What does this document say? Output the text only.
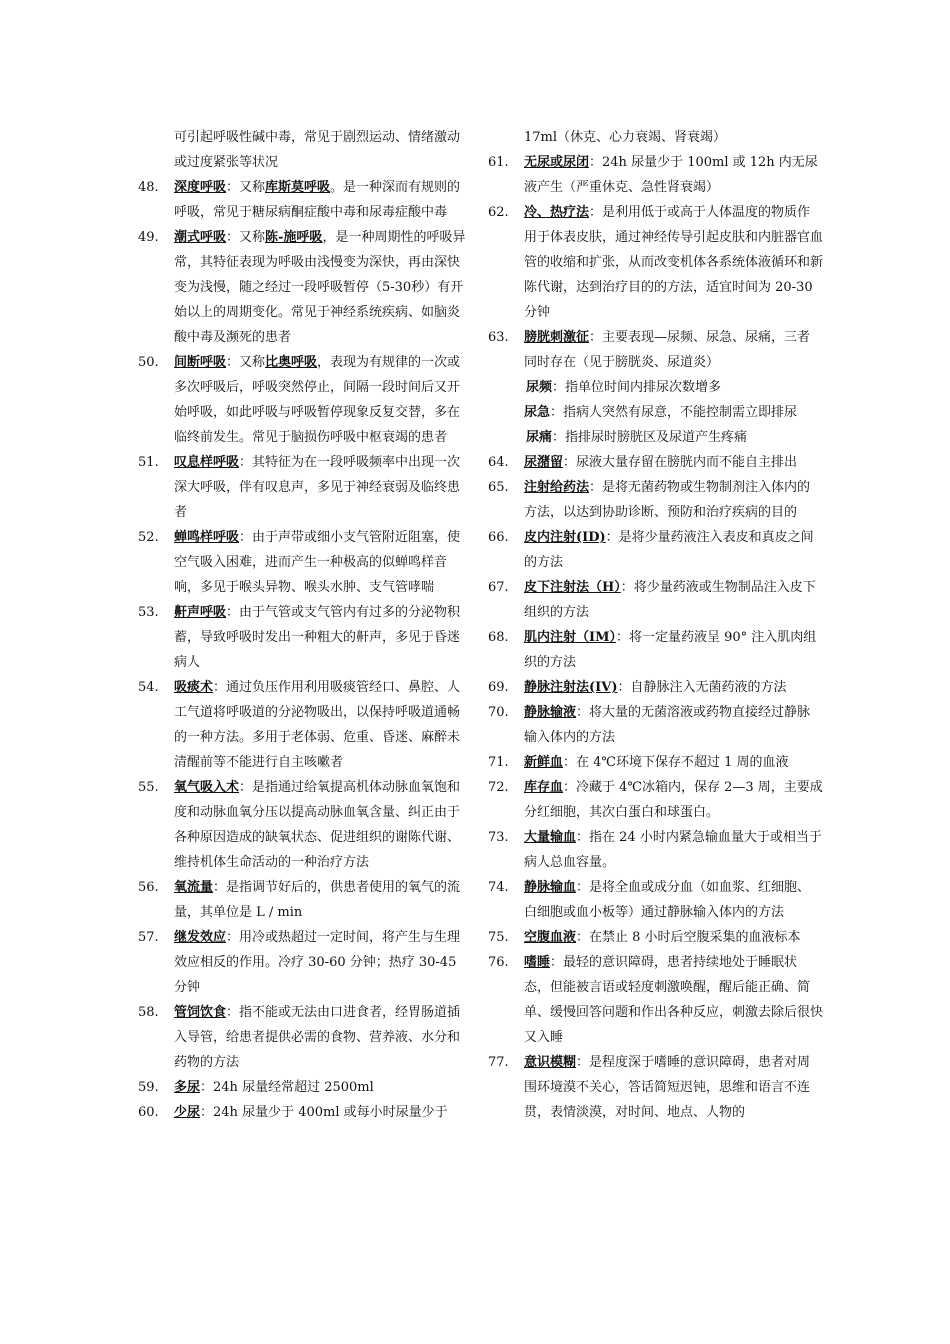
可引起呼吸性碱中毒，常见于剧烈运动、情绪激动或过度紧张等状况
48.	深度呼吸：又称库斯莫呼吸。是一种深而有规则的呼吸，常见于糖尿病酮症酸中毒和尿毒症酸中毒
49.	潮式呼吸：又称陈-施呼吸，是一种周期性的呼吸异常，其特征表现为呼吸由浅慢变为深快，再由深快变为浅慢，随之经过一段呼吸暂停（5-30秒）有开始以上的周期变化。常见于神经系统疾病、如脑炎酸中毒及濒死的患者
50.	间断呼吸：又称比奥呼吸，表现为有规律的一次或多次呼吸后，呼吸突然停止，间隔一段时间后又开始呼吸，如此呼吸与呼吸暂停现象反复交替，多在临终前发生。常见于脑损伤呼吸中枢衰竭的患者
51.	叹息样呼吸：其特征为在一段呼吸频率中出现一次深大呼吸，伴有叹息声，多见于神经衰弱及临终患者
52.	蝉鸣样呼吸：由于声带或细小支气管附近阻塞，使空气吸入困难，进而产生一种极高的似蝉鸣样音响，多见于喉头异物、喉头水肿、支气管哮喘
53.	鼾声呼吸：由于气管或支气管内有过多的分泌物积蓄，导致呼吸时发出一种粗大的鼾声，多见于昏迷病人
54.	吸痰术：通过负压作用利用吸痰管经口、鼻腔、人工气道将呼吸道的分泌物吸出，以保持呼吸道通畅的一种方法。多用于老体弱、危重、昏迷、麻醉未清醒前等不能进行自主咳嗽者
55.	氧气吸入术：是指通过给氧提高机体动脉血氧饱和度和动脉血氧分压以提高动脉血氧含量、纠正由于各种原因造成的缺氧状态、促进组织的谢陈代谢、维持机体生命活动的一种治疗方法
56.	氧流量：是指调节好后的，供患者使用的氧气的流量，其单位是 L / min
57.	继发效应：用冷或热超过一定时间，将产生与生理效应相反的作用。冷疗 30-60 分钟；热疗 30-45 分钟
58.	管饲饮食：指不能或无法由口进食者，经胃肠道插入导管，给患者提供必需的食物、营养液、水分和药物的方法
59.	多尿：24h 尿量经常超过 2500ml
60.	少尿：24h 尿量少于 400ml 或每小时尿量少于
17ml（休克、心力衰竭、肾衰竭）
61.	无尿或尿闭：24h 尿量少于 100ml 或 12h 内无尿液产生（严重休克、急性肾衰竭）
62.	冷、热疗法：是利用低于或高于人体温度的物质作用于体表皮肤，通过神经传导引起皮肤和内脏器官血管的收缩和扩张，从而改变机体各系统体液循环和新陈代谢，达到治疗目的的方法，适宜时间为 20-30 分钟
63.	膀胱刺激征：主要表现—尿频、尿急、尿痛，三者同时存在（见于膀胱炎、尿道炎）
尿频：指单位时间内排尿次数增多
尿急：指病人突然有尿意，不能控制需立即排尿
尿痛：指排尿时膀胱区及尿道产生疼痛
64.	尿潴留：尿液大量存留在膀胱内而不能自主排出
65.	注射给药法：是将无菌药物或生物制剂注入体内的方法，以达到协助诊断、预防和治疗疾病的目的
66.	皮内注射(ID)：是将少量药液注入表皮和真皮之间的方法
67.	皮下注射法（H）：将少量药液或生物制品注入皮下组织的方法
68.	肌内注射（IM）：将一定量药液呈 90° 注入肌肉组织的方法
69.	静脉注射法(IV)：自静脉注入无菌药液的方法
70.	静脉输液：将大量的无菌溶液或药物直接经过静脉输入体内的方法
71.	新鲜血：在 4℃环境下保存不超过 1 周的血液
72.	库存血：冷藏于 4℃冰箱内，保存 2—3 周，主要成分红细胞，其次白蛋白和球蛋白。
73.	大量输血：指在 24 小时内紧急输血量大于或相当于病人总血容量。
74.	静脉输血：是将全血或成分血（如血浆、红细胞、白细胞或血小板等）通过静脉输入体内的方法
75.	空腹血液：在禁止 8 小时后空腹采集的血液标本
76.	嗜睡：最轻的意识障碍，患者持续地处于睡眠状态，但能被言语或轻度刺激唤醒，醒后能正确、简单、缓慢回答问题和作出各种反应，刺激去除后很快又入睡
77.	意识模糊：是程度深于嗜睡的意识障碍，患者对周围环境漠不关心，答话简短迟钝，思维和语言不连贯，表情淡漠，对时间、地点、人物的
